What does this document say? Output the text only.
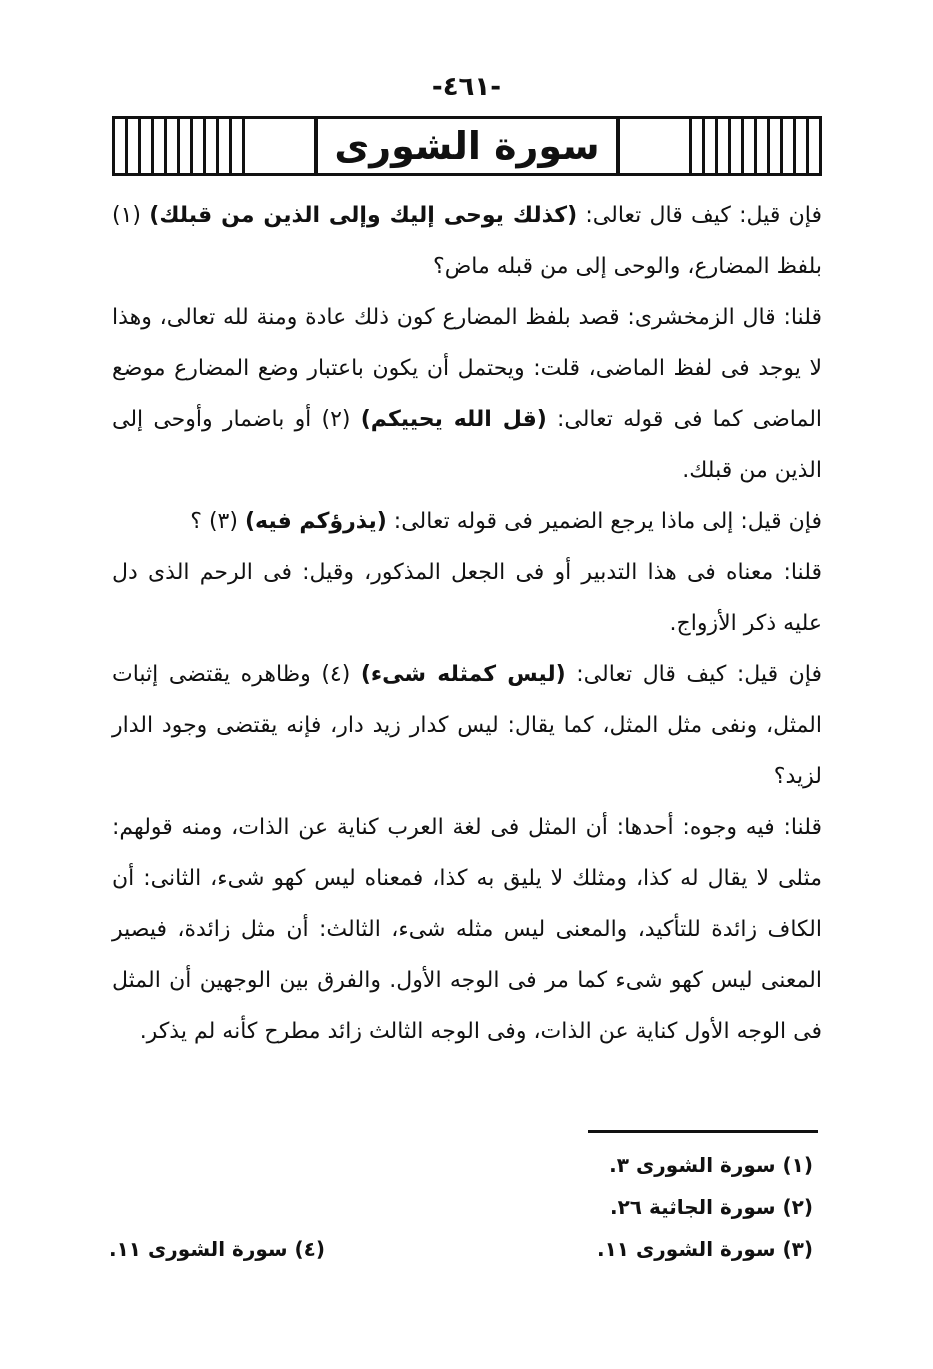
-٤٦١-
سورة الشورى

فإن قيل: كيف قال تعالى: (كذلك يوحى إليك وإلى الذين من قبلك) (١) بلفظ المضارع، والوحى إلى من قبله ماض؟

قلنا: قال الزمخشرى: قصد بلفظ المضارع كون ذلك عادة ومنة لله تعالى، وهذا لا يوجد فى لفظ الماضى، قلت: ويحتمل أن يكون باعتبار وضع المضارع موضع الماضى كما فى قوله تعالى: (قل الله يحييكم) (٢) أو باضمار وأوحى إلى الذين من قبلك.

فإن قيل: إلى ماذا يرجع الضمير فى قوله تعالى: (يذرؤكم فيه) (٣) ؟

قلنا: معناه فى هذا التدبير أو فى الجعل المذكور، وقيل: فى الرحم الذى دل عليه ذكر الأزواج.

فإن قيل: كيف قال تعالى: (ليس كمثله شىء) (٤) وظاهره يقتضى إثبات المثل، ونفى مثل المثل، كما يقال: ليس كدار زيد دار، فإنه يقتضى وجود الدار لزيد؟

قلنا: فيه وجوه: أحدها: أن المثل فى لغة العرب كناية عن الذات، ومنه قولهم: مثلى لا يقال له كذا، ومثلك لا يليق به كذا، فمعناه ليس كهو شىء، الثانى: أن الكاف زائدة للتأكيد، والمعنى ليس مثله شىء، الثالث: أن مثل زائدة، فيصير المعنى ليس كهو شىء كما مر فى الوجه الأول. والفرق بين الوجهين أن المثل فى الوجه الأول كناية عن الذات، وفى الوجه الثالث زائد مطرح كأنه لم يذكر.

(١) سورة الشورى ٣.
(٢) سورة الجاثية ٢٦.
(٣) سورة الشورى ١١.
(٤) سورة الشورى ١١.
